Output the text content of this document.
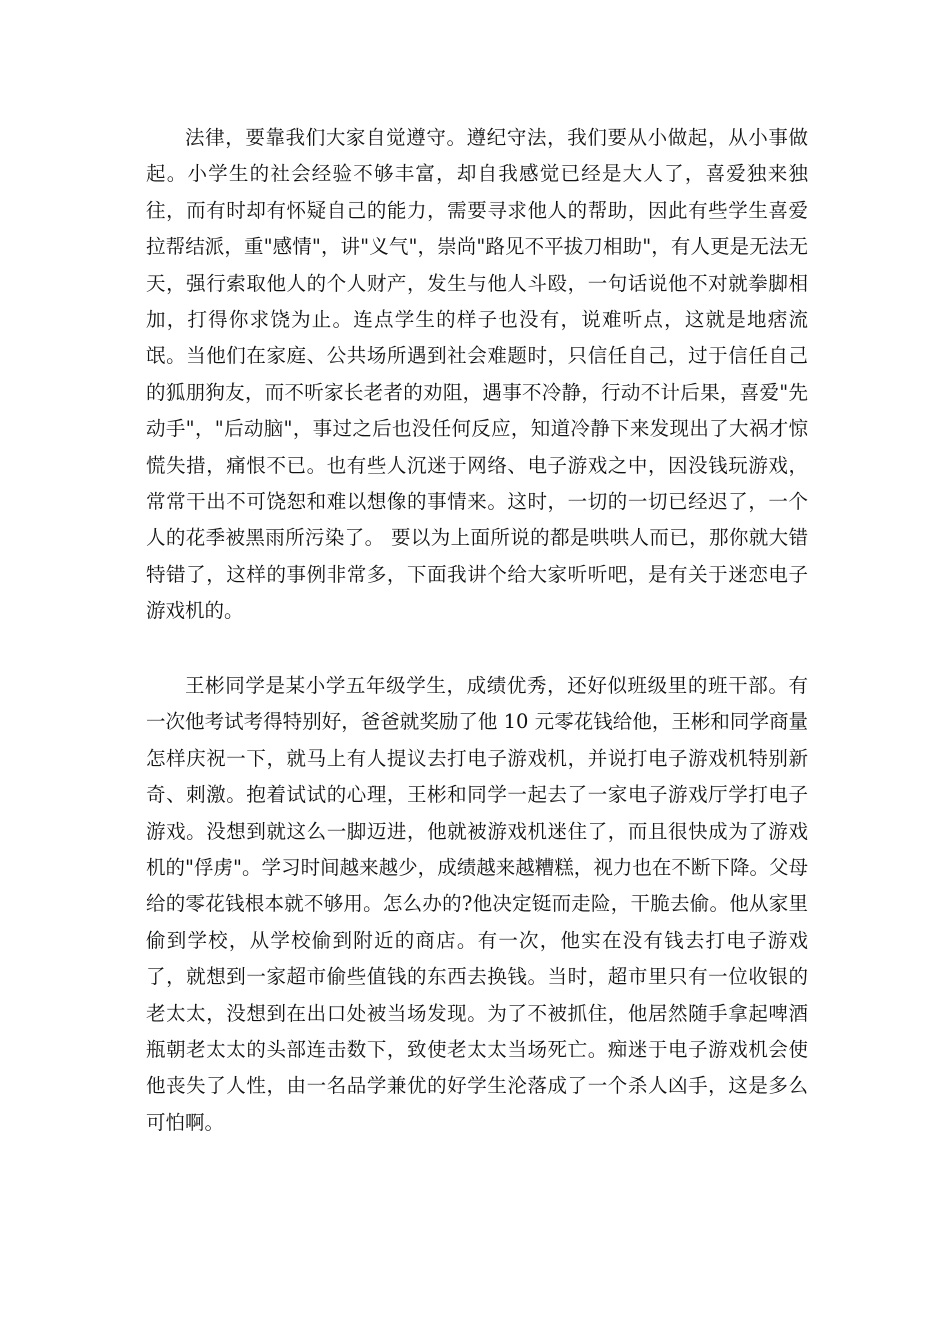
法律，要靠我们大家自觉遵守。遵纪守法，我们要从小做起，从小事做起。小学生的社会经验不够丰富，却自我感觉已经是大人了，喜爱独来独往，而有时却有怀疑自己的能力，需要寻求他人的帮助，因此有些学生喜爱拉帮结派，重"感情"，讲"义气"，崇尚"路见不平拔刀相助"，有人更是无法无天，强行索取他人的个人财产，发生与他人斗殴，一句话说他不对就拳脚相加，打得你求饶为止。连点学生的样子也没有，说难听点，这就是地痞流氓。当他们在家庭、公共场所遇到社会难题时，只信任自己，过于信任自己的狐朋狗友，而不听家长老者的劝阻，遇事不冷静，行动不计后果，喜爱"先动手"，"后动脑"，事过之后也没任何反应，知道冷静下来发现出了大祸才惊慌失措，痛恨不已。也有些人沉迷于网络、电子游戏之中，因没钱玩游戏，常常干出不可饶恕和难以想像的事情来。这时，一切的一切已经迟了，一个人的花季被黑雨所污染了。 要以为上面所说的都是哄哄人而已，那你就大错特错了，这样的事例非常多，下面我讲个给大家听听吧，是有关于迷恋电子游戏机的。

王彬同学是某小学五年级学生，成绩优秀，还好似班级里的班干部。有一次他考试考得特别好，爸爸就奖励了他 10 元零花钱给他，王彬和同学商量怎样庆祝一下，就马上有人提议去打电子游戏机，并说打电子游戏机特别新奇、刺激。抱着试试的心理，王彬和同学一起去了一家电子游戏厅学打电子游戏。没想到就这么一脚迈进，他就被游戏机迷住了，而且很快成为了游戏机的"俘虏"。学习时间越来越少，成绩越来越糟糕，视力也在不断下降。父母给的零花钱根本就不够用。怎么办的?他决定铤而走险，干脆去偷。他从家里偷到学校，从学校偷到附近的商店。有一次，他实在没有钱去打电子游戏了，就想到一家超市偷些值钱的东西去换钱。当时，超市里只有一位收银的老太太，没想到在出口处被当场发现。为了不被抓住，他居然随手拿起啤酒瓶朝老太太的头部连击数下，致使老太太当场死亡。痴迷于电子游戏机会使他丧失了人性，由一名品学兼优的好学生沦落成了一个杀人凶手，这是多么可怕啊。
